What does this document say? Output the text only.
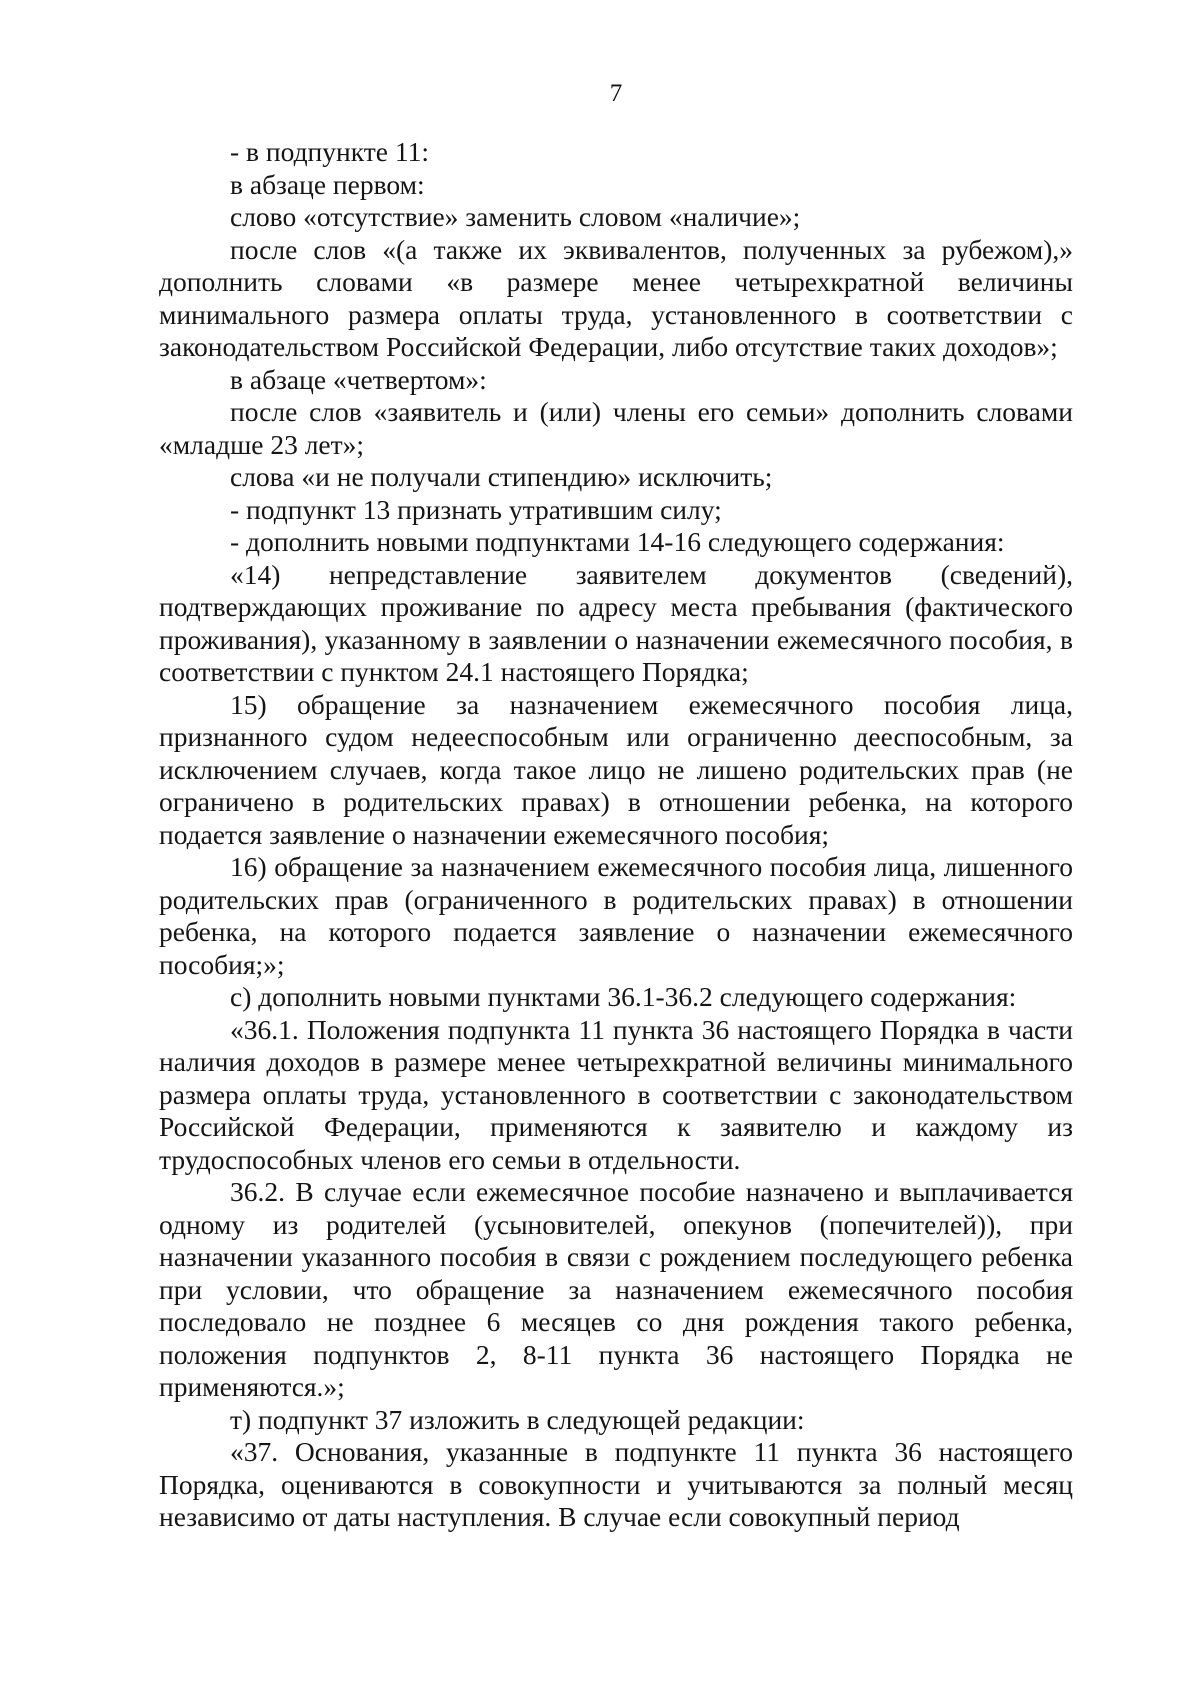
7

- в подпункте 11:

в абзаце первом:

слово «отсутствие» заменить словом «наличие»;

после слов «(а также их эквивалентов, полученных за рубежом),» дополнить словами «в размере менее четырехкратной величины минимального размера оплаты труда, установленного в соответствии с законодательством Российской Федерации, либо отсутствие таких доходов»;

в абзаце «четвертом»:

после слов «заявитель и (или) члены его семьи» дополнить словами «младше 23 лет»;

слова «и не получали стипендию» исключить;

- подпункт 13 признать утратившим силу;

- дополнить новыми подпунктами 14-16 следующего содержания:

«14) непредставление заявителем документов (сведений), подтверждающих проживание по адресу места пребывания (фактического проживания), указанному в заявлении о назначении ежемесячного пособия, в соответствии с пунктом 24.1 настоящего Порядка;

15) обращение за назначением ежемесячного пособия лица, признанного судом недееспособным или ограниченно дееспособным, за исключением случаев, когда такое лицо не лишено родительских прав (не ограничено в родительских правах) в отношении ребенка, на которого подается заявление о назначении ежемесячного пособия;

16) обращение за назначением ежемесячного пособия лица, лишенного родительских прав (ограниченного в родительских правах) в отношении ребенка, на которого подается заявление о назначении ежемесячного пособия;»;

с) дополнить новыми пунктами 36.1-36.2 следующего содержания:

«36.1. Положения подпункта 11 пункта 36 настоящего Порядка в части наличия доходов в размере менее четырехкратной величины минимального размера оплаты труда, установленного в соответствии с законодательством Российской Федерации, применяются к заявителю и каждому из трудоспособных членов его семьи в отдельности.

36.2. В случае если ежемесячное пособие назначено и выплачивается одному из родителей (усыновителей, опекунов (попечителей)), при назначении указанного пособия в связи с рождением последующего ребенка при условии, что обращение за назначением ежемесячного пособия последовало не позднее 6 месяцев со дня рождения такого ребенка, положения подпунктов 2, 8-11 пункта 36 настоящего Порядка не применяются.»;

т) подпункт 37 изложить в следующей редакции:

«37. Основания, указанные в подпункте 11 пункта 36 настоящего Порядка, оцениваются в совокупности и учитываются за полный месяц независимо от даты наступления. В случае если совокупный период
